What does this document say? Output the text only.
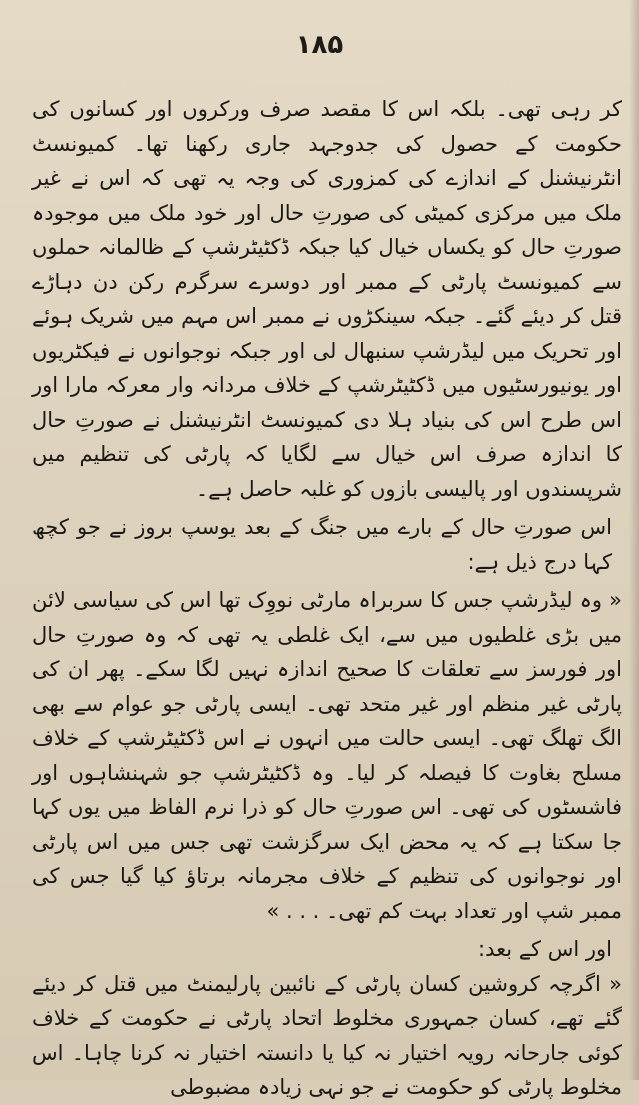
۱۸۵

کر رہی تھی۔ بلکہ اس کا مقصد صرف ورکروں اور کسانوں کی حکومت کے حصول کی جدوجہد جاری رکھنا تھا۔ کمیونسٹ انٹرنیشنل کے اندازے کی کمزوری کی وجہ یہ تھی کہ اس نے غیر ملک میں مرکزی کمیٹی کی صورتِ حال اور خود ملک میں موجودہ صورتِ حال کو یکساں خیال کیا جبکہ ڈکٹیٹرشپ کے ظالمانہ حملوں سے کمیونسٹ پارٹی کے ممبر اور دوسرے سرگرم رکن دن دہاڑے قتل کر دیئے گئے۔ جبکہ سینکڑوں نے ممبر اس مہم میں شریک ہوئے اور تحریک میں لیڈرشپ سنبھال لی اور جبکہ نوجوانوں نے فیکٹریوں اور یونیورسٹیوں میں ڈکٹیٹرشپ کے خلاف مردانہ وار معرکہ مارا اور اس طرح اس کی بنیاد ہلا دی کمیونسٹ انٹرنیشنل نے صورتِ حال کا اندازہ صرف اس خیال سے لگایا کہ پارٹی کی تنظیم میں شرپسندوں اور پالیسی بازوں کو غلبہ حاصل ہے۔

اس صورتِ حال کے بارے میں جنگ کے بعد یوسپ بروز نے جو کچھ کہا درج ذیل ہے:

« وہ لیڈرشپ جس کا سربراہ مارٹی نووِک تھا اس کی سیاسی لائن میں بڑی غلطیوں میں سے، ایک غلطی یہ تھی کہ وہ صورتِ حال اور فورسز سے تعلقات کا صحیح اندازہ نہیں لگا سکے۔ پھر ان کی پارٹی غیر منظم اور غیر متحد تھی۔ ایسی پارٹی جو عوام سے بھی الگ تھلگ تھی۔ ایسی حالت میں انہوں نے اس ڈکٹیٹرشپ کے خلاف مسلح بغاوت کا فیصلہ کر لیا۔ وہ ڈکٹیٹرشپ جو شہنشاہوں اور فاشسٹوں کی تھی۔ اس صورتِ حال کو ذرا نرم الفاظ میں یوں کہا جا سکتا ہے کہ یہ محض ایک سرگزشت تھی جس میں اس پارٹی اور نوجوانوں کی تنظیم کے خلاف مجرمانہ برتاؤ کیا گیا جس کی ممبر شپ اور تعداد بہت کم تھی۔ . . . »

اور اس کے بعد:

« اگرچہ کروشین کسان پارٹی کے نائبین پارلیمنٹ میں قتل کر دیئے گئے تھے، کسان جمہوری مخلوط اتحاد پارٹی نے حکومت کے خلاف کوئی جارحانہ رویہ اختیار نہ کیا یا دانستہ اختیار نہ کرنا چاہا۔ اس مخلوط پارٹی کو حکومت نے جو نہی زیادہ مضبوطی
